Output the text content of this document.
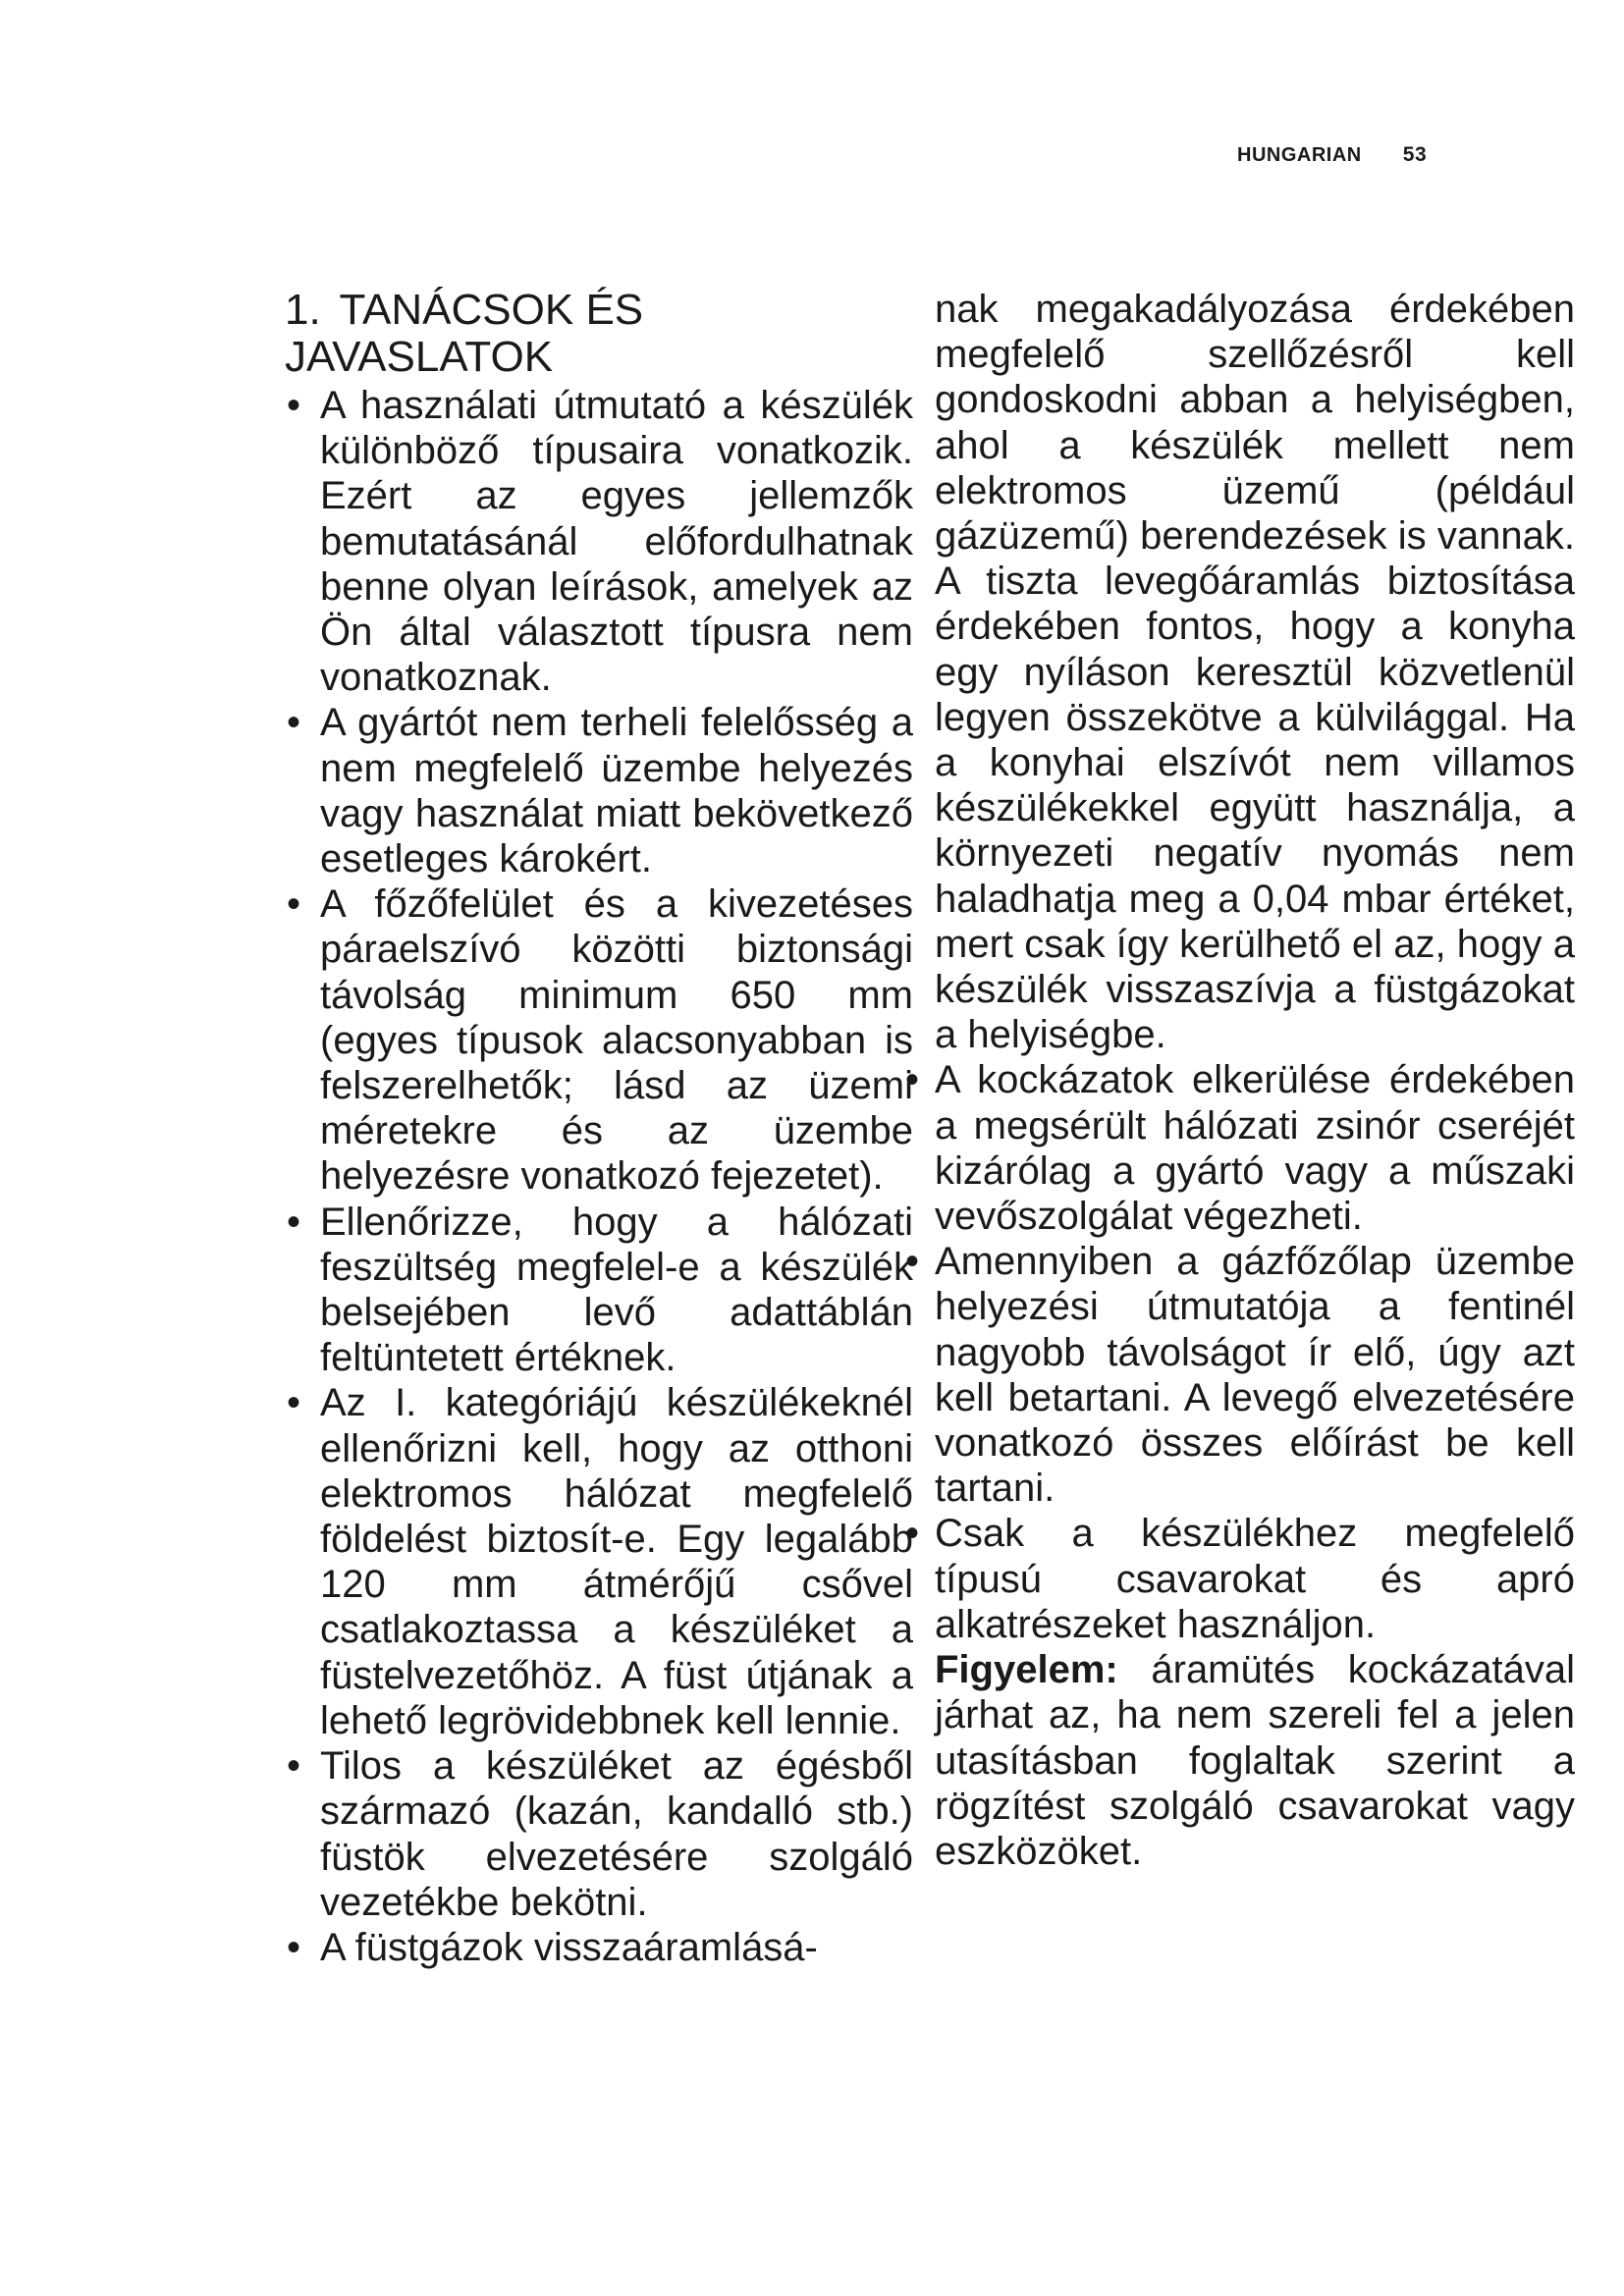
HUNGARIAN 53
1. TANÁCSOK ÉS JAVASLATOK
• A használati útmutató a készülék különböző típusaira vonatkozik. Ezért az egyes jellemzők bemutatásánál előfordulhatnak benne olyan leírások, amelyek az Ön által választott típusra nem vonatkoznak.
• A gyártót nem terheli felelősség a nem megfelelő üzembe helyezés vagy használat miatt bekövetkező esetleges károkért.
• A főzőfelület és a kivezetéses páraelszívó közötti biztonsági távolság minimum 650 mm (egyes típusok alacsonyabban is felszerelhetők; lásd az üzemi méretekre és az üzembe helyezésre vonatkozó fejezetet).
• Ellenőrizze, hogy a hálózati feszültség megfelel-e a készülék belsejében levő adattáblán feltüntetett értéknek.
• Az I. kategóriájú készülékeknél ellenőrizni kell, hogy az otthoni elektromos hálózat megfelelő földelést biztosít-e. Egy legalább 120 mm átmérőjű csővel csatlakoztassa a készüléket a füstelvezetőhöz. A füst útjának a lehető legrövidebbnek kell lennie.
• Tilos a készüléket az égésből származó (kazán, kandalló stb.) füstök elvezetésére szolgáló vezetékbe bekötni.
• A füstgázok visszaáramlásá-

nak megakadályozása érdekében megfelelő szellőzésről kell gondoskodni abban a helyiségben, ahol a készülék mellett nem elektromos üzemű (például gázüzemű) berendezések is vannak. A tiszta levegőáramlás biztosítása érdekében fontos, hogy a konyha egy nyíláson keresztül közvetlenül legyen összekötve a külvilággal. Ha a konyhai elszívót nem villamos készülékekkel együtt használja, a környezeti negatív nyomás nem haladhatja meg a 0,04 mbar értéket, mert csak így kerülhető el az, hogy a készülék visszaszívja a füstgázokat a helyiségbe.

• A kockázatok elkerülése érdekében a megsérült hálózati zsinór cseréjét kizárólag a gyártó vagy a műszaki vevőszolgálat végezheti.
• Amennyiben a gázfőzőlap üzembe helyezési útmutatója a fentinél nagyobb távolságot ír elő, úgy azt kell betartani. A levegő elvezetésére vonatkozó összes előírást be kell tartani.
• Csak a készülékhez megfelelő típusú csavarokat és apró alkatrészeket használjon.

Figyelem: áramütés kockázatával járhat az, ha nem szereli fel a jelen utasításban foglaltak szerint a rögzítést szolgáló csavarokat vagy eszközöket.
